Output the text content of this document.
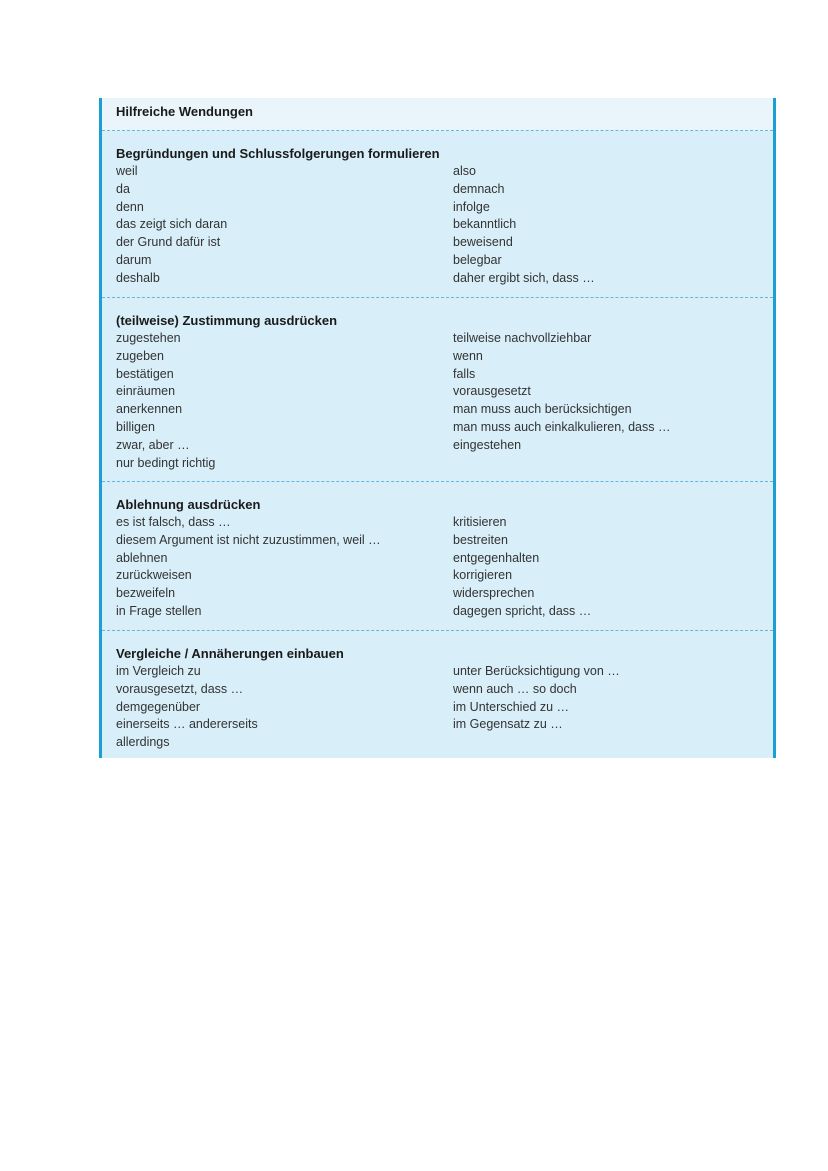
Hilfreiche Wendungen
Begründungen und Schlussfolgerungen formulieren
weil
da
denn
das zeigt sich daran
der Grund dafür ist
darum
deshalb
also
demnach
infolge
bekanntlich
beweisend
belegbar
daher ergibt sich, dass …
(teilweise) Zustimmung ausdrücken
zugestehen
zugeben
bestätigen
einräumen
anerkennen
billigen
zwar, aber …
nur bedingt richtig
teilweise nachvollziehbar
wenn
falls
vorausgesetzt
man muss auch berücksichtigen
man muss auch einkalkulieren, dass …
eingestehen
Ablehnung ausdrücken
es ist falsch, dass …
diesem Argument ist nicht zuzustimmen, weil …
ablehnen
zurückweisen
bezweifeln
in Frage stellen
kritisieren
bestreiten
entgegenhalten
korrigieren
widersprechen
dagegen spricht, dass …
Vergleiche / Annäherungen einbauen
im Vergleich zu
vorausgesetzt, dass …
demgegenüber
einerseits … andererseits
allerdings
unter Berücksichtigung von …
wenn auch … so doch
im Unterschied zu …
im Gegensatz zu …
